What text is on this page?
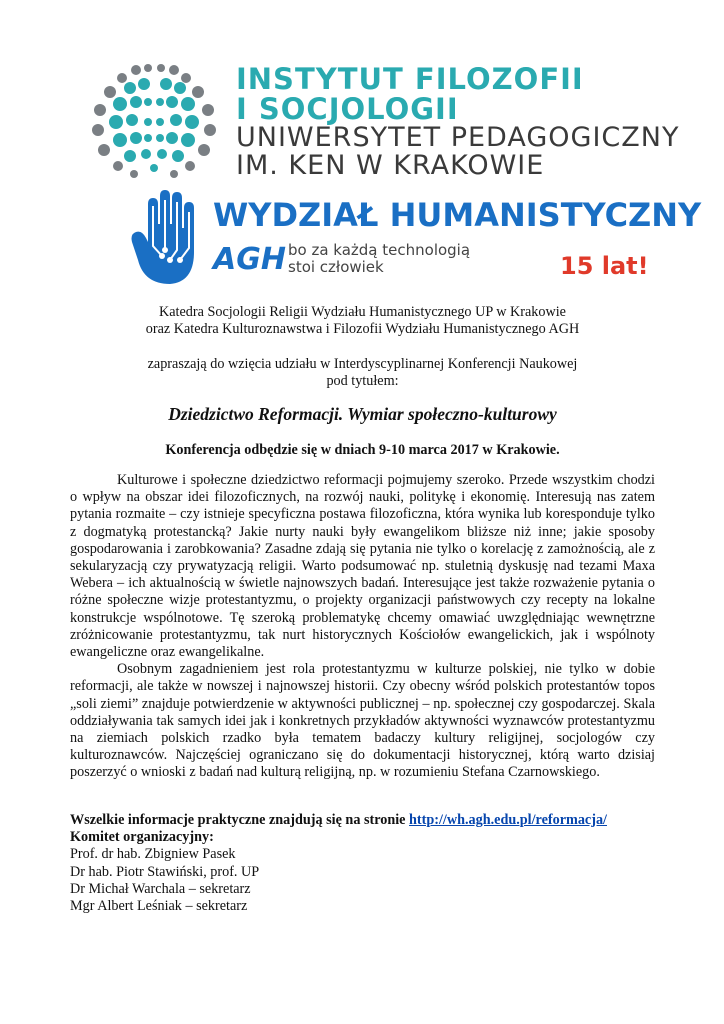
INSTYTUT FILOZOFII
I SOCJOLOGII
UNIWERSYTET PEDAGOGICZNY
IM. KEN W KRAKOWIE
WYDZIAŁ HUMANISTYCZNY
AGH bo za każdą technologią
stoi człowiek	15 lat!

Katedra Socjologii Religii Wydziału Humanistycznego UP w Krakowie

oraz Katedra Kulturoznawstwa i Filozofii Wydziału Humanistycznego AGH

zapraszają do wzięcia udziału w Interdyscyplinarnej Konferencji Naukowej

pod tytułem:

Dziedzictwo Reformacji. Wymiar społeczno-kulturowy
Konferencja odbędzie się w dniach 9-10 marca 2017 w Krakowie.

Kulturowe i społeczne dziedzictwo reformacji pojmujemy szeroko. Przede wszystkim chodzi o wpływ na obszar idei filozoficznych, na rozwój nauki, politykę i ekonomię. Interesują nas zatem pytania rozmaite – czy istnieje specyficzna postawa filozoficzna, która wynika lub koresponduje tylko z dogmatyką protestancką? Jakie nurty nauki były ewangelikom bliższe niż inne; jakie sposoby gospodarowania i zarobkowania? Zasadne zdają się pytania nie tylko o korelację z zamożnością, ale z sekularyzacją czy prywatyzacją religii. Warto podsumować np. stuletnią dyskusję nad tezami Maxa Webera – ich aktualnością w świetle najnowszych badań. Interesujące jest także rozważenie pytania o różne społeczne wizje protestantyzmu, o projekty organizacji państwowych czy recepty na lokalne konstrukcje wspólnotowe. Tę szeroką problematykę chcemy omawiać uwzględniając wewnętrzne zróżnicowanie protestantyzmu, tak nurt historycznych Kościołów ewangelickich, jak i wspólnoty ewangeliczne oraz ewangelikalne.

Osobnym zagadnieniem jest rola protestantyzmu w kulturze polskiej, nie tylko w dobie reformacji, ale także w nowszej i najnowszej historii. Czy obecny wśród polskich protestantów topos „soli ziemi” znajduje potwierdzenie w aktywności publicznej – np. społecznej czy gospodarczej. Skala oddziaływania tak samych idei jak i konkretnych przykładów aktywności wyznawców protestantyzmu na ziemiach polskich rzadko była tematem badaczy kultury religijnej, socjologów czy kulturoznawców. Najczęściej ograniczano się do dokumentacji historycznej, którą warto dzisiaj poszerzyć o wnioski z badań nad kulturą religijną, np. w rozumieniu Stefana Czarnowskiego.

Wszelkie informacje praktyczne znajdują się na stronie http://wh.agh.edu.pl/reformacja/

Komitet organizacyjny:

Prof. dr hab. Zbigniew Pasek

Dr hab. Piotr Stawiński, prof. UP

Dr Michał Warchala – sekretarz

Mgr Albert Leśniak – sekretarz
